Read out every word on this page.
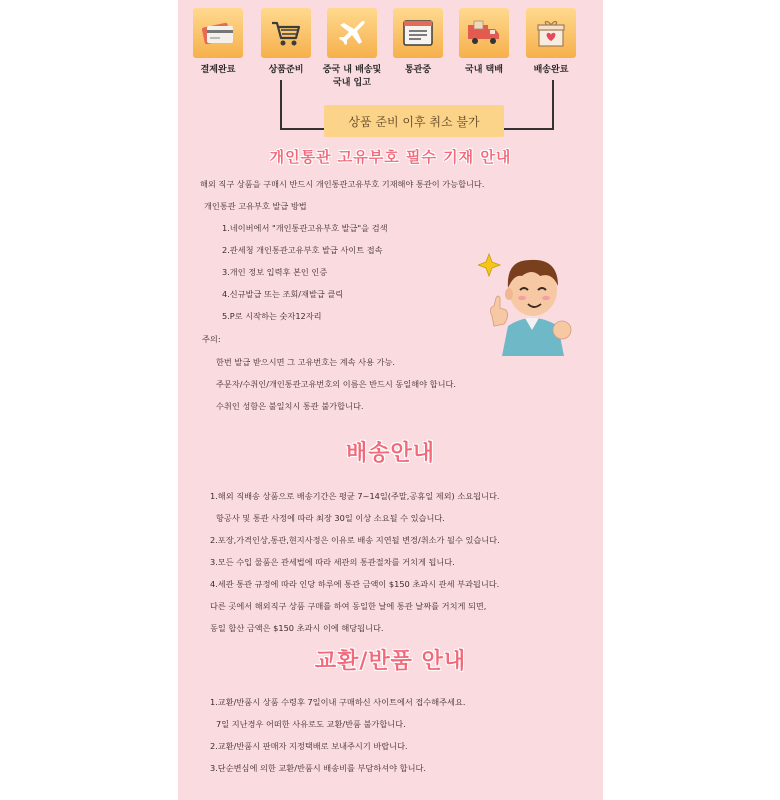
결제완료	상품준비	중국 내 배송및
국내 입고
통관중	국내 택배	배송완료
상품 준비 이후 취소 불가
개인통관 고유부호 필수 기재 안내
해외 직구 상품을 구매시 반드시 개인통관고유부호 기재해야 통관이 가능합니다.
개인통관 고유부호 발급 방법
1.네이버에서 "개인통관고유부호 발급"을 검색
2.관세청 개인통관고유부호 발급 사이트 접속
3.개인 정보 입력후 본인 인증
4.신규발급 또는 조회/재발급 클릭
5.P로 시작하는 숫자12자리
주의:
한번 발급 받으시면 그 고유번호는 계속 사용 가능.
주문자/수취인/개인통관고유번호의 이름은 반드시 동일해야 합니다.
수취인 성함은 불일치시 통관 불가합니다.
배송안내
1.해외 직배송 상품으로 배송기간은 평균 7~14일(주말,공휴일 제외) 소요됩니다.
항공사 및 통관 사정에 따라 최장 30일 이상 소요될 수 있습니다.
2.포장,가격인상,통관,현지사정은 이유로 배송 지연될 변경/취소가 될수 있습니다.
3.모든 수입 물품은 관세법에 따라 세관의 통관절차를 거치게 됩니다.
4.세관 통관 규정에 따라 인당 하루에 통관 금액이 $150 초과시 관세 부과됩니다.
다른 곳에서 해외직구 상품 구매를 하여 동일한 날에 통관 날짜를 거치게 되면,
동일 합산 금액은 $150 초과시 이에 해당됩니다.
교환/반품 안내
1.교환/반품시 상품 수령후 7일이내 구매하신 사이트에서 접수해주세요.
7일 지난경우 어떠한 사유로도 교환/반품 불가합니다.
2.교환/반품시 판매자 지정택배로 보내주시기 바랍니다.
3.단순변심에 의한 교환/반품시 배송비를 부담하셔야 합니다.
